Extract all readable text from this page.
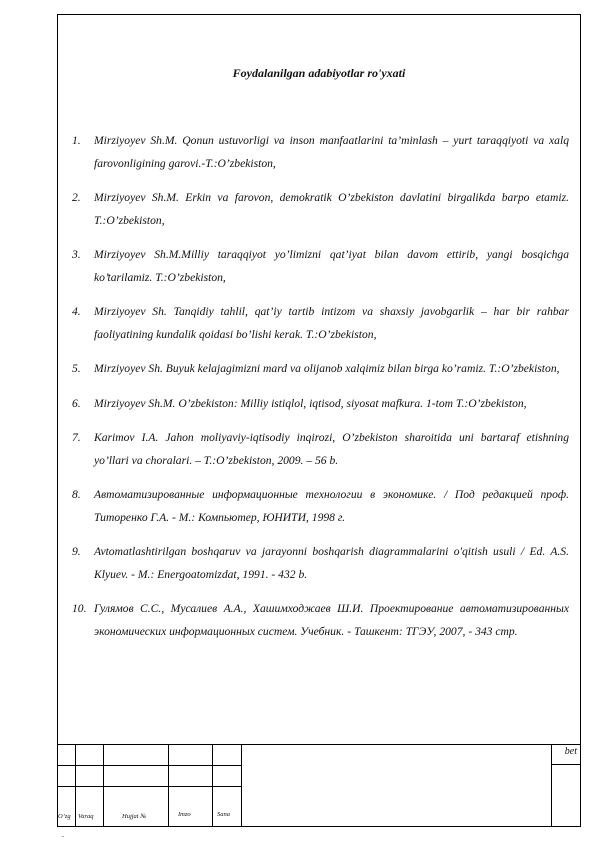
Foydalanilgan adabiyotlar ro'yxati
1. Mirziyoyev Sh.M. Qonun ustuvorligi va inson manfaatlarini ta’minlash – yurt taraqqiyoti va xalq farovonligining garovi.-T.:O’zbekiston,
2. Mirziyoyev Sh.M. Erkin va farovon, demokratik O’zbekiston davlatini birgalikda barpo etamiz. T.:O’zbekiston,
3. Mirziyoyev Sh.M.Milliy taraqqiyot yo’limizni qat’iyat bilan davom ettirib, yangi bosqichga ko’tarilamiz. T.:O’zbekiston,
4. Mirziyoyev Sh. Tanqidiy tahlil, qat’iy tartib intizom va shaxsiy javobgarlik – har bir rahbar faoliyatining kundalik qoidasi bo’lishi kerak. T.:O’zbekiston,
5. Mirziyoyev Sh. Buyuk kelajagimizni mard va olijanob xalqimiz bilan birga ko’ramiz. T.:O’zbekiston,
6. Mirziyoyev Sh.M. O’zbekiston: Milliy istiqlol, iqtisod, siyosat mafkura. 1-tom T.:O’zbekiston,
7. Karimov I.A. Jahon moliyaviy-iqtisodiy inqirozi, O’zbekiston sharoitida uni bartaraf etishning yo’llari va choralari. – T.:O’zbekiston, 2009. – 56 b.
8. Автоматизированные информационные технологии в экономике. / Под редакцией проф. Титоренко Г.А. - М.: Компьютер, ЮНИТИ, 1998 г.
9. Avtomatlashtirilgan boshqaruv va jarayonni boshqarish diagrammalarini o'qitish usuli / Ed. A.S. Klyuev. - M.: Energoatomizdat, 1991. - 432 b.
10. Гулямов С.С., Мусалиев А.А., Хашимходжаев Ш.И. Проектирование автоматизированных экономических информационных систем. Учебник. - Ташкент: ТГЭУ, 2007, - 343 стр.
O’zg Varaq	Hujjat №	Imzo	Sana
bet
.
